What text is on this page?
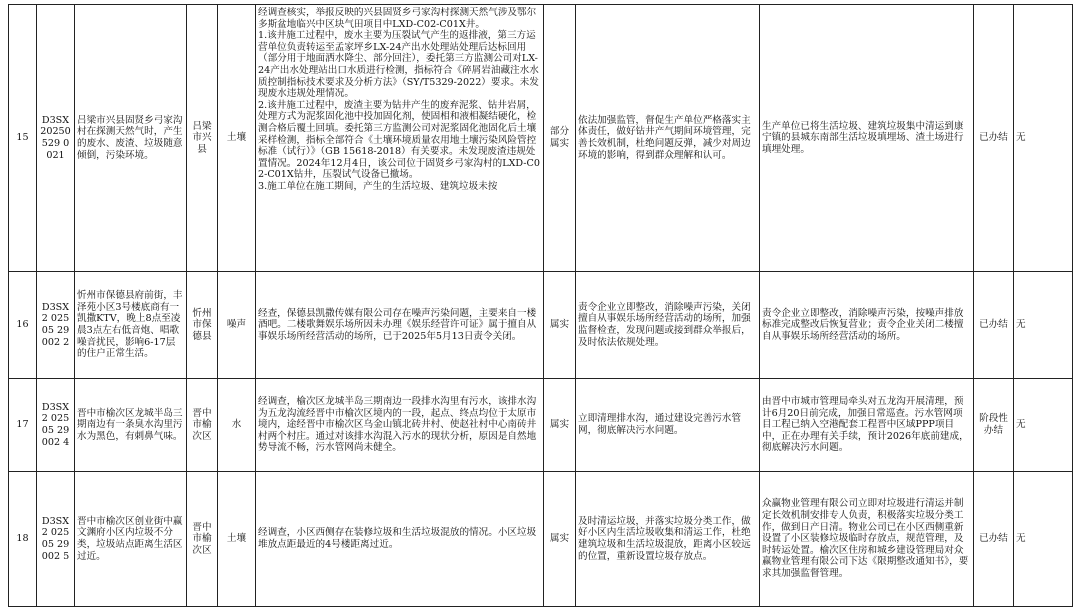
15	D3SX20250529 0021	吕梁市兴县固贤乡弓家沟村在探测天然气时，产生的废水、废渣、垃圾随意倾倒，污染环境。	吕梁市兴县	土壤	经调查核实，举报反映的兴县固贤乡弓家沟村探测天然气涉及鄂尔多斯盆地临兴中区块气田项目中LXD-C02-C01X井。

1.该井施工过程中，废水主要为压裂试气产生的返排液，第三方运营单位负责转运至孟家坪乡LX-24产出水处理站处理后达标回用（部分用于地面洒水降尘、部分回注），委托第三方监测公司对LX-24产出水处理站出口水质进行检测，指标符合《碎屑岩油藏注水水质控制指标技术要求及分析方法》（SY/T5329-2022）要求。未发现废水违规处理情况。

2.该井施工过程中，废渣主要为钻井产生的废弃泥浆、钻井岩屑，处理方式为泥浆固化池中投加固化剂，使固相和液相凝结硬化，检测合格后覆土回填。委托第三方监测公司对泥浆固化池固化后土壤采样检测，指标全部符合《土壤环境质量农用地土壤污染风险管控标准（试行）》（GB 15618-2018）有关要求。未发现废渣违规处置情况。2024年12月4日，该公司位于固贤乡弓家沟村的LXD-C02-C01X钻井，压裂试气设备已撤场。

3.施工单位在施工期间，产生的生活垃圾、建筑垃圾未按	部分属实	依法加强监管，督促生产单位严格落实主体责任，做好钻井产气期间环境管理，完善长效机制，杜绝问题反弹，减少对周边环境的影响，得到群众理解和认可。	生产单位已将生活垃圾、建筑垃圾集中清运到康宁镇的县城东南部生活垃圾填埋场、渣土场进行填埋处理。	已办结	无
16	D3SX2 02505 29002 2	忻州市保德县府前街，丰泽苑小区3号楼底商有一凯撒KTV，晚上8点至凌晨3点左右低音炮、唱歌噪音扰民，影响6-17层的住户正常生活。	忻州市保德县	噪声	经查，保德县凯撒传媒有限公司存在噪声污染问题，主要来自一楼酒吧。二楼歌舞娱乐场所因未办理《娱乐经营许可证》属于擅自从事娱乐场所经营活动的场所，已于2025年5月13日责令关闭。	属实	责令企业立即整改，消除噪声污染，关闭擅自从事娱乐场所经营活动的场所，加强监督检查，发现问题或接到群众举报后，及时依法依规处理。	责令企业立即整改，消除噪声污染，按噪声排放标准完成整改后恢复营业；责令企业关闭二楼擅自从事娱乐场所经营活动的场所。	已办结	无
17	D3SX2 02505 29002 4	晋中市榆次区龙城半岛三期南边有一条臭水沟里污水为黑色，有刺鼻气味。	晋中市榆次区	水	经调查，榆次区龙城半岛三期南边一段排水沟里有污水，该排水沟为五龙沟流经晋中市榆次区境内的一段，起点、终点均位于太原市境内，途经晋中市榆次区乌金山镇北砖井村、使赵社村中心南砖井村两个村庄。通过对该排水沟混入污水的现状分析，原因是自然地势导流不畅，污水管网尚未健全。	属实	立即清理排水沟，通过建设完善污水管网，彻底解决污水问题。	由晋中市城市管理局牵头对五龙沟开展清理，预计6月20日前完成，加强日常巡查。污水管网项目工程已纳入空港配套工程晋中区域PPP项目中，正在办理有关手续，预计2026年底前建成，彻底解决污水问题。	阶段性办结	无
18	D3SX2 02505 29002 5	晋中市榆次区创业街中赢文渊府小区内垃圾不分类，垃圾站点距离生活区过近。	晋中市榆次区	土壤	经调查，小区西侧存在装修垃圾和生活垃圾混放的情况。小区垃圾堆放点距最近的4号楼距离过近。	属实	及时清运垃圾，并落实垃圾分类工作，做好小区内生活垃圾收集和清运工作，杜绝建筑垃圾和生活垃圾混放，距离小区较远的位置，重新设置垃圾存放点。	众赢物业管理有限公司立即对垃圾进行清运并制定长效机制安排专人负责，积极落实垃圾分类工作，做到日产日清。物业公司已在小区西侧重新设置了小区装修垃圾临时存放点，规范管理，及时转运处置。榆次区住房和城乡建设管理局对众赢物业管理有限公司下达《限期整改通知书》，要求其加强监督管理。	已办结	无
